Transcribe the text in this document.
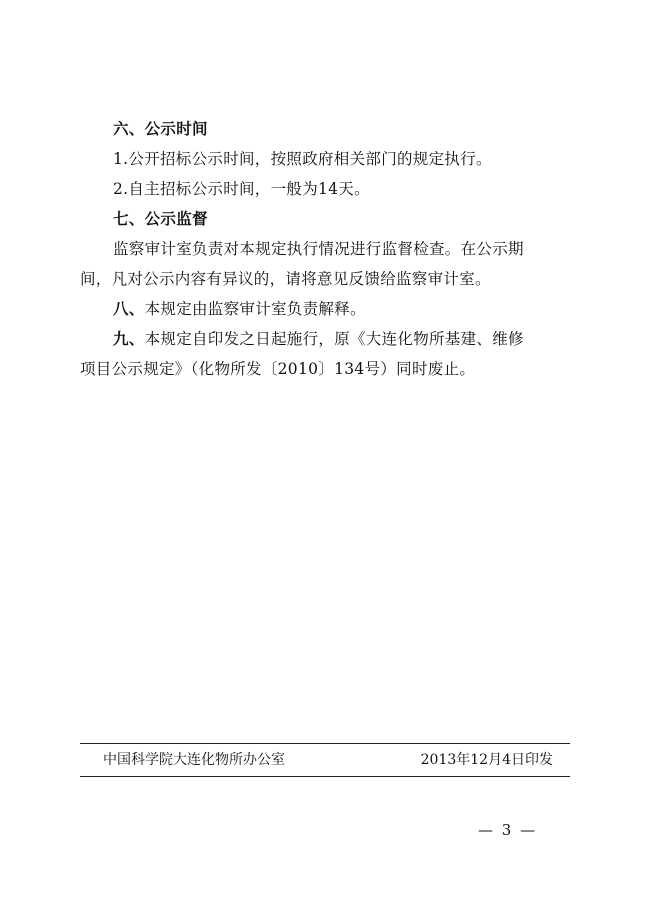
六、公示时间
1.公开招标公示时间，按照政府相关部门的规定执行。
2.自主招标公示时间，一般为14天。
七、公示监督
监察审计室负责对本规定执行情况进行监督检查。在公示期
间，凡对公示内容有异议的，请将意见反馈给监察审计室。
八、本规定由监察审计室负责解释。
九、本规定自印发之日起施行，原《大连化物所基建、维修
项目公示规定》（化物所发〔2010〕134号）同时废止。
中国科学院大连化物所办公室	2013年12月4日印发
— 3 —
